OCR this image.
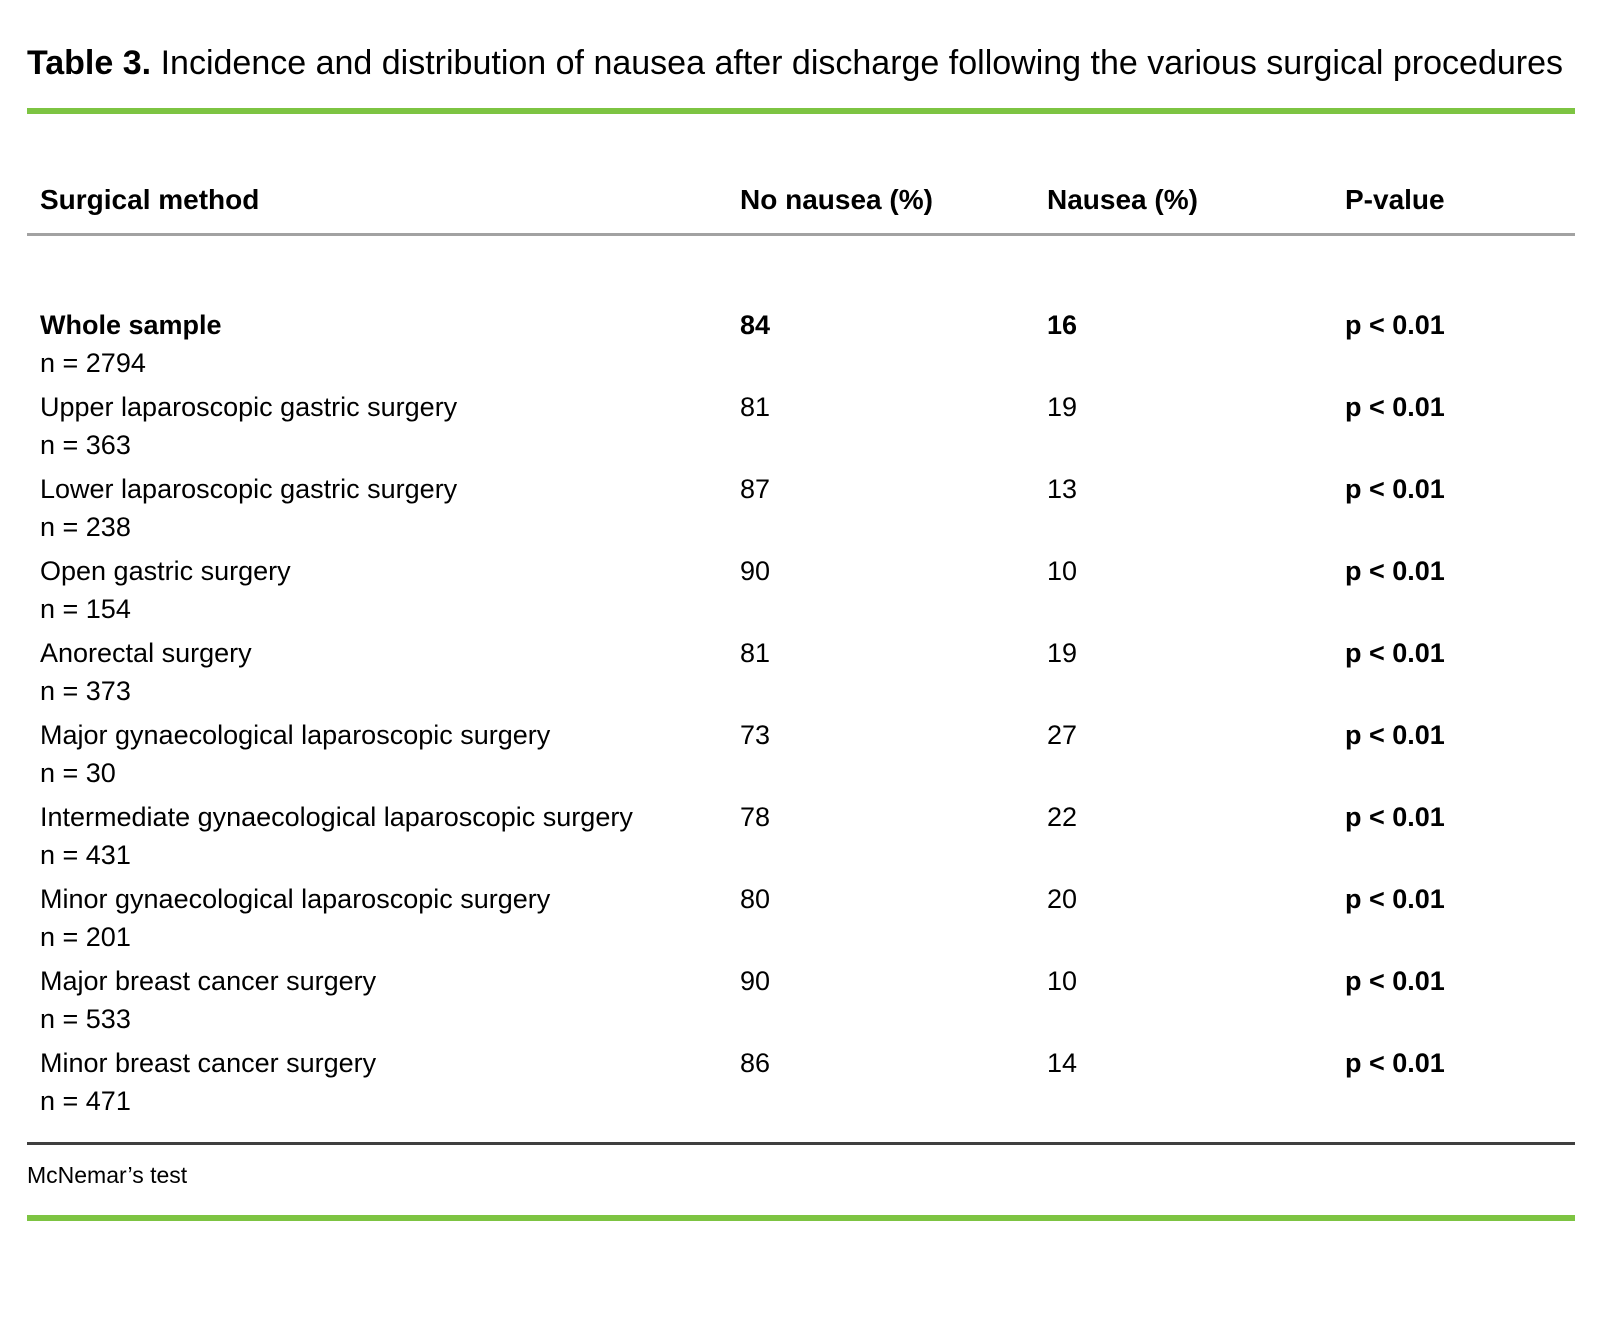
Table 3. Incidence and distribution of nausea after discharge following the various surgical procedures
Surgical method	No nausea (%)	Nausea (%)	P-value
Whole sample
n = 2794
84	16	p < 0.01
Upper laparoscopic gastric surgery
n = 363
81	19	p < 0.01
Lower laparoscopic gastric surgery
n = 238
87	13	p < 0.01
Open gastric surgery
n = 154
90	10	p < 0.01
Anorectal surgery
n = 373
81	19	p < 0.01
Major gynaecological laparoscopic surgery
n = 30
73	27	p < 0.01
Intermediate gynaecological laparoscopic surgery
n = 431
78	22	p < 0.01
Minor gynaecological laparoscopic surgery
n = 201
80	20	p < 0.01
Major breast cancer surgery
n = 533
90	10	p < 0.01
Minor breast cancer surgery
n = 471
86	14	p < 0.01
McNemar’s test
